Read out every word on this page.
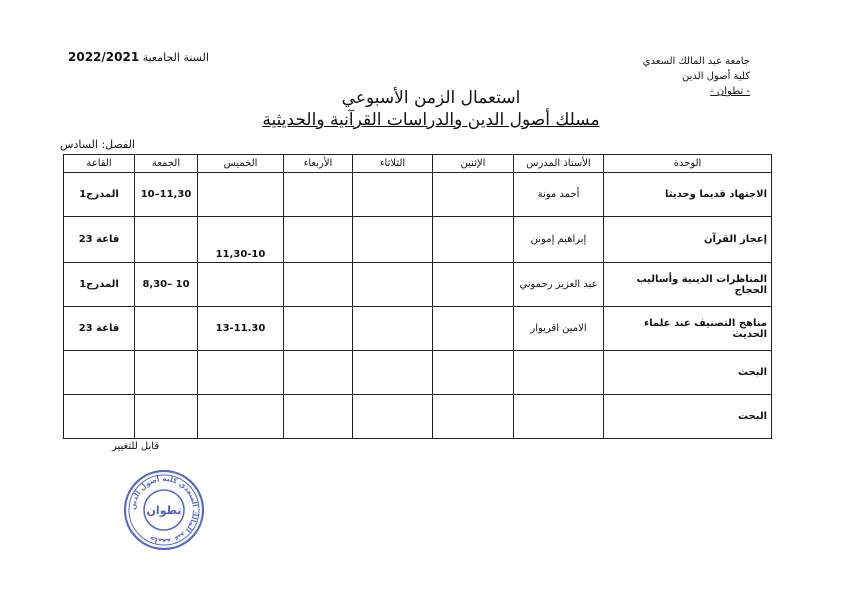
جامعة عبد المالك السعدي
كلية أصول الدين
- تطوان -
السنة الجامعية 2022/2021
استعمال الزمن الأسبوعي
مسلك أصول الدين والدراسات القرآنية والحديثية
الفصل: السادس
الوحدة	الأستاذ المدرس	الإثنين	الثلاثاء	الأربعاء	الخميس	الجمعة	القاعة
الاجتهاد قديما وحديثا	أحمد مونة					11,30–10	المدرج1
إعجاز القرآن	إبراهيم إمونن				11,30-10		قاعة 23
المناظرات الدينية وأساليب الحجاج	عبد العزيز رحموني					10 –8,30	المدرج1
مناهج التصنيف عند علماء الحديث	الامين اقريوار				13-11.30		قاعة 23
البحث							
البحث							
قابل للتغيير
جامعة عبد المالك السعدي كلية أصول الدين
تطوان
